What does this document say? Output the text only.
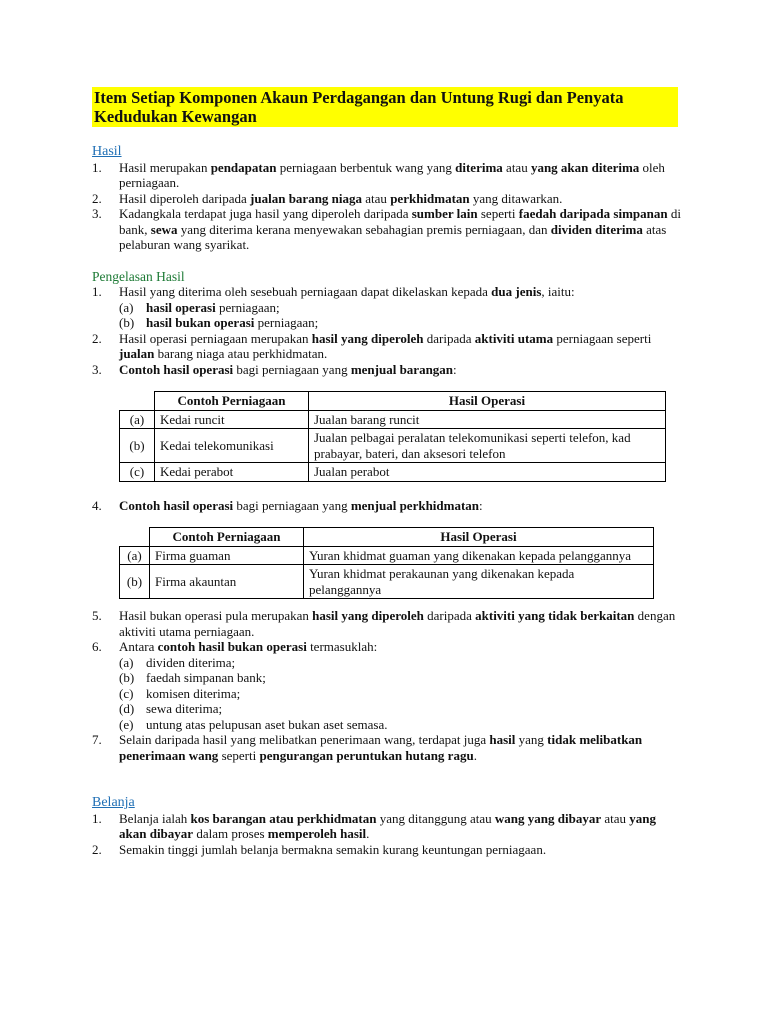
Item Setiap Komponen Akaun Perdagangan dan Untung Rugi dan Penyata Kedudukan Kewangan
Hasil
1. Hasil merupakan pendapatan perniagaan berbentuk wang yang diterima atau yang akan diterima oleh perniagaan.
2. Hasil diperoleh daripada jualan barang niaga atau perkhidmatan yang ditawarkan.
3. Kadangkala terdapat juga hasil yang diperoleh daripada sumber lain seperti faedah daripada simpanan di bank, sewa yang diterima kerana menyewakan sebahagian premis perniagaan, dan dividen diterima atas pelaburan wang syarikat.
Pengelasan Hasil
1. Hasil yang diterima oleh sesebuah perniagaan dapat dikelaskan kepada dua jenis, iaitu:
(a) hasil operasi perniagaan;
(b) hasil bukan operasi perniagaan;
2. Hasil operasi perniagaan merupakan hasil yang diperoleh daripada aktiviti utama perniagaan seperti jualan barang niaga atau perkhidmatan.
3. Contoh hasil operasi bagi perniagaan yang menjual barangan:
	Contoh Perniagaan	Hasil Operasi
(a)	Kedai runcit	Jualan barang runcit
(b)	Kedai telekomunikasi	Jualan pelbagai peralatan telekomunikasi seperti telefon, kad prabayar, bateri, dan aksesori telefon
(c)	Kedai perabot	Jualan perabot
4. Contoh hasil operasi bagi perniagaan yang menjual perkhidmatan:
	Contoh Perniagaan	Hasil Operasi
(a)	Firma guaman	Yuran khidmat guaman yang dikenakan kepada pelanggannya
(b)	Firma akauntan	Yuran khidmat perakaunan yang dikenakan kepada pelanggannya
5. Hasil bukan operasi pula merupakan hasil yang diperoleh daripada aktiviti yang tidak berkaitan dengan aktiviti utama perniagaan.
6. Antara contoh hasil bukan operasi termasuklah:
(a) dividen diterima;
(b) faedah simpanan bank;
(c) komisen diterima;
(d) sewa diterima;
(e) untung atas pelupusan aset bukan aset semasa.
7. Selain daripada hasil yang melibatkan penerimaan wang, terdapat juga hasil yang tidak melibatkan penerimaan wang seperti pengurangan peruntukan hutang ragu.
Belanja
1. Belanja ialah kos barangan atau perkhidmatan yang ditanggung atau wang yang dibayar atau yang akan dibayar dalam proses memperoleh hasil.
2. Semakin tinggi jumlah belanja bermakna semakin kurang keuntungan perniagaan.
